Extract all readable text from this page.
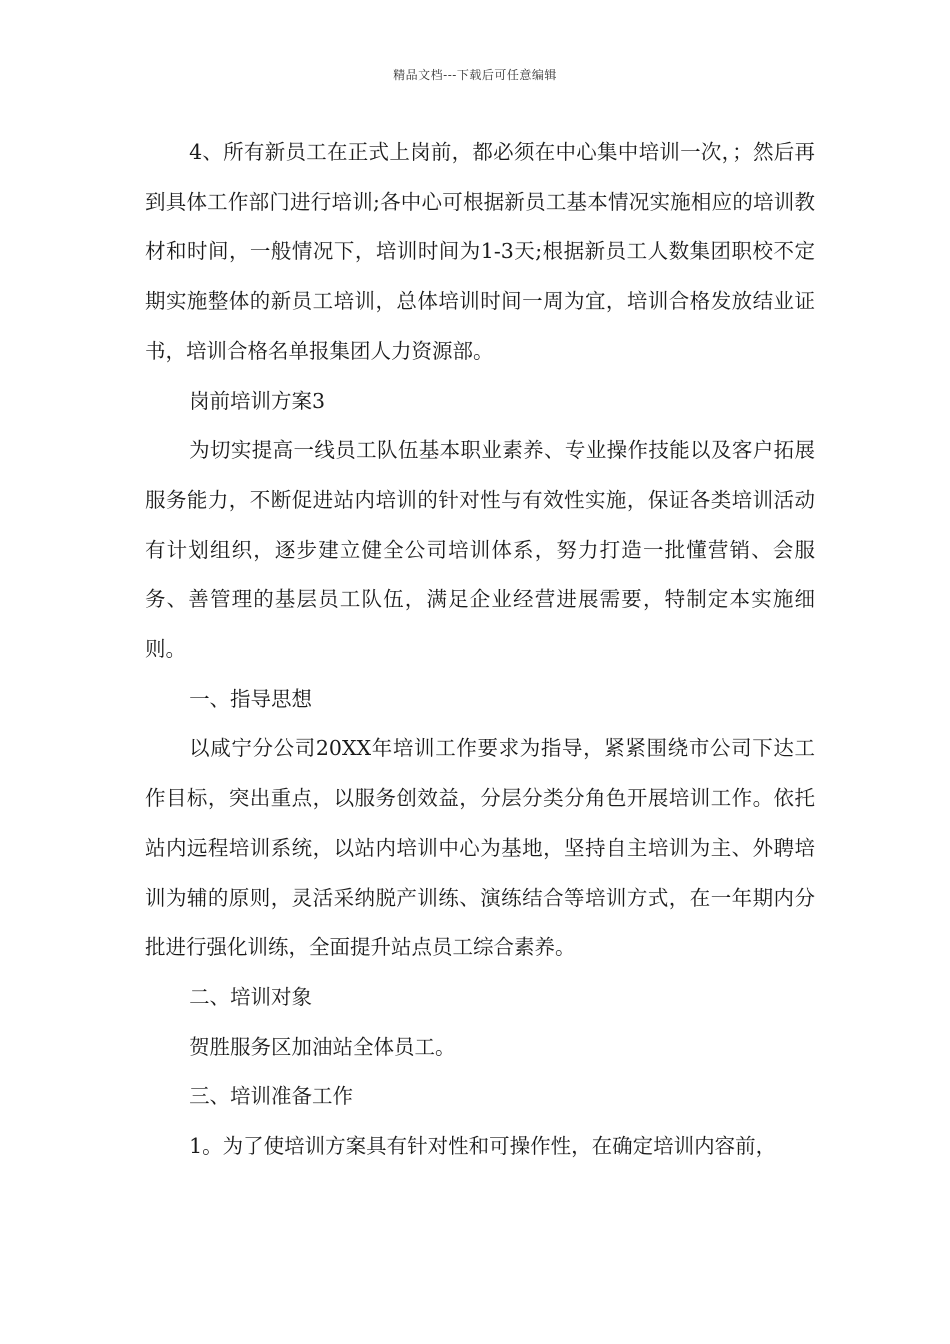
精品文档---下载后可任意编辑

4、所有新员工在正式上岗前，都必须在中心集中培训一次，；然后再到具体工作部门进行培训;各中心可根据新员工基本情况实施相应的培训教材和时间，一般情况下，培训时间为1-3天;根据新员工人数集团职校不定期实施整体的新员工培训，总体培训时间一周为宜，培训合格发放结业证书，培训合格名单报集团人力资源部。

岗前培训方案3

为切实提高一线员工队伍基本职业素养、专业操作技能以及客户拓展服务能力，不断促进站内培训的针对性与有效性实施，保证各类培训活动有计划组织，逐步建立健全公司培训体系，努力打造一批懂营销、会服务、善管理的基层员工队伍，满足企业经营进展需要，特制定本实施细则。

一、指导思想

以咸宁分公司20XX年培训工作要求为指导，紧紧围绕市公司下达工作目标，突出重点，以服务创效益，分层分类分角色开展培训工作。依托站内远程培训系统，以站内培训中心为基地，坚持自主培训为主、外聘培训为辅的原则，灵活采纳脱产训练、演练结合等培训方式，在一年期内分批进行强化训练，全面提升站点员工综合素养。

二、培训对象

贺胜服务区加油站全体员工。

三、培训准备工作

1。为了使培训方案具有针对性和可操作性，在确定培训内容前，
